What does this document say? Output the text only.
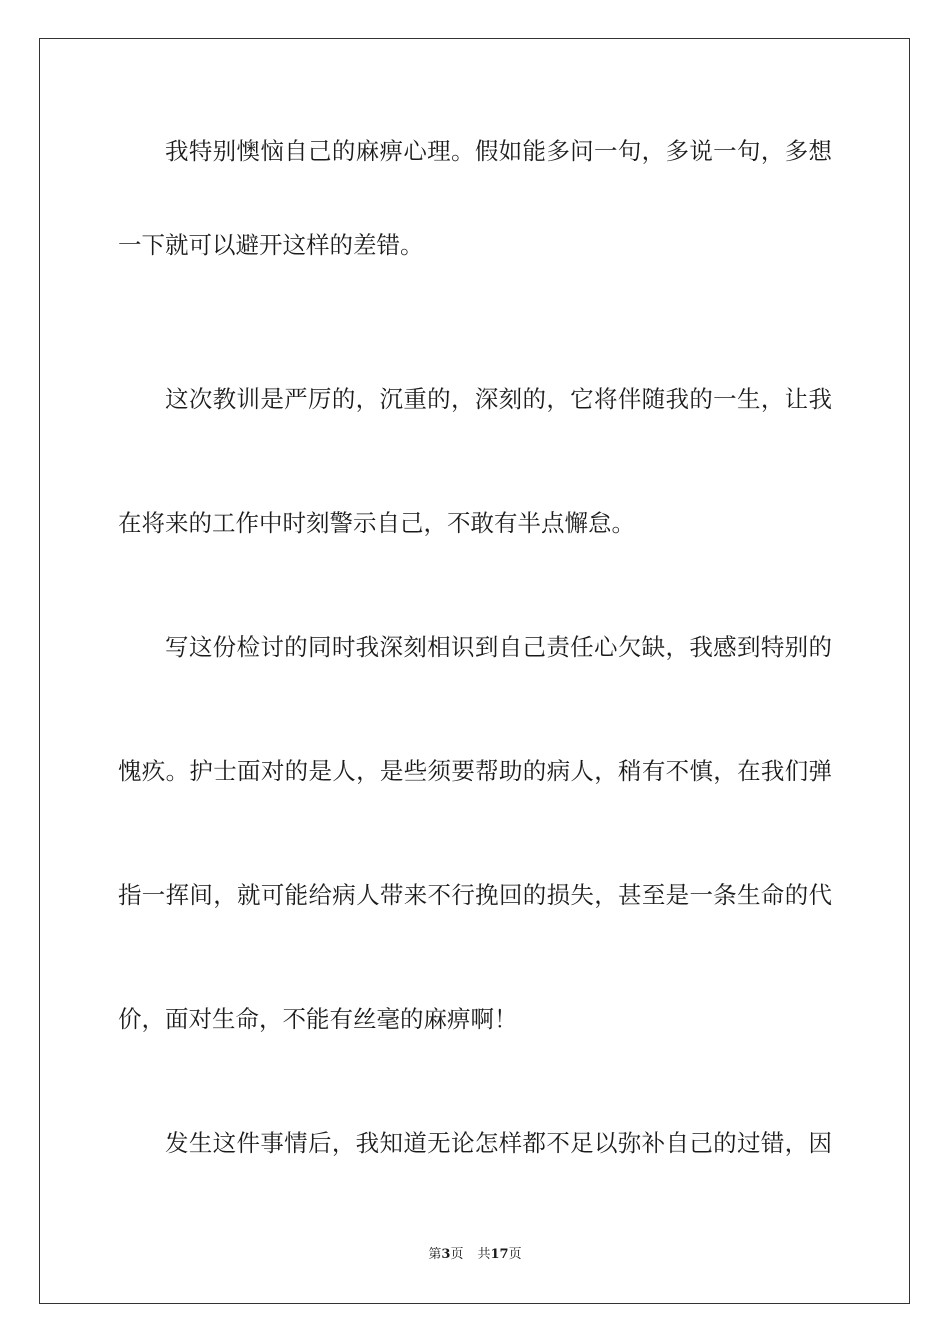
我特别懊恼自己的麻痹心理。假如能多问一句，多说一句，多想
一下就可以避开这样的差错。
这次教训是严厉的，沉重的，深刻的，它将伴随我的一生，让我
在将来的工作中时刻警示自己，不敢有半点懈怠。
写这份检讨的同时我深刻相识到自己责任心欠缺，我感到特别的
愧疚。护士面对的是人，是些须要帮助的病人，稍有不慎，在我们弹
指一挥间，就可能给病人带来不行挽回的损失，甚至是一条生命的代
价，面对生命，不能有丝毫的麻痹啊！
发生这件事情后，我知道无论怎样都不足以弥补自己的过错，因
第3页 共17页
